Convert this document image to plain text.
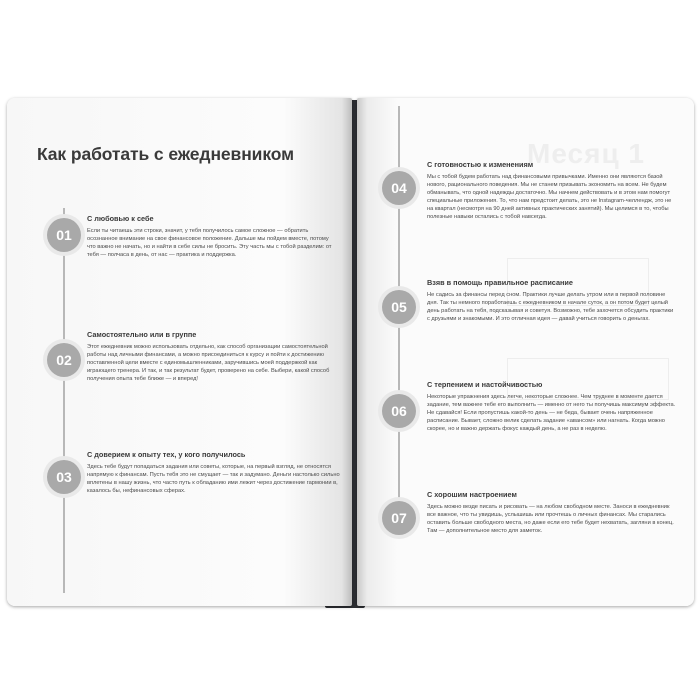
Как работать с ежедневником
01
С любовью к себе

Если ты читаешь эти строки, значит, у тебя получилось самое сложное — обратить осознанное внимание на свое финансовое положение. Дальше мы пойдем вместе, потому что важно не начать, но и найти в себе силы не бросить. Эту часть мы с тобой разделим: от тебя — полчаса в день, от нас — практика и поддержка.

02
Самостоятельно или в группе

Этот ежедневник можно использовать отдельно, как способ организации самостоятельной работы над личными финансами, а можно присоединиться к курсу и пойти к достижению поставленной цели вместе с единомышленниками, заручившись моей поддержкой как играющего тренера. И так, и так результат будет, проверено на себе. Выбери, какой способ получения опыта тебе ближе — и вперед!

03
С доверием к опыту тех, у кого получилось

Здесь тебе будут попадаться задания или советы, которые, на первый взгляд, не относятся напрямую к финансам. Пусть тебя это не смущает — так и задумано. Деньги настолько сильно вплетены в нашу жизнь, что часто путь к обладанию ими лежит через достижение гармонии в, казалось бы, нефинансовых сферах.

Месяц 1
04
С готовностью к изменениям

Мы с тобой будем работать над финансовыми привычками. Именно они являются базой нового, рационального поведения. Мы не станем призывать экономить на всем. Не будем обманывать, что одной надежды достаточно. Мы начнем действовать и в этом нам помогут специальные приложения. То, что нам предстоит делать, это не Instagram-челлендж, это не на квартал (несмотря на 90 дней активных практических занятий). Мы целимся в то, чтобы полезные навыки остались с тобой навсегда.

05
Взяв в помощь правильное расписание

Не садись за финансы перед сном. Практики лучше делать утром или в первой половине дня. Так ты немного поработаешь с ежедневником в начале суток, а он потом будет целый день работать на тебя, подсказывая и советуя. Возможно, тебе захочется обсудить практики с друзьями и знакомыми. И это отличная идея — давай учиться говорить о деньгах.

06
С терпением и настойчивостью

Некоторые упражнения здесь легче, некоторые сложнее. Чем труднее в моменте дается задание, тем важнее тебе его выполнить — именно от него ты получишь максимум эффекта. Не сдавайся! Если пропустишь какой-то день — не беда, бывает очень напряженное расписание. Бывает, сложно велик сделать задание «авансом» или нагнать. Когда можно скорее, но и важно держать фокус каждый день, а не раз в неделю.

07
С хорошим настроением

Здесь можно везде писать и рисовать — на любом свободном месте. Заноси в ежедневник все важное, что ты увидишь, услышишь или прочтешь о личных финансах. Мы старались оставить больше свободного места, но даже если его тебе будет нехватать, загляни в конец. Там — дополнительное место для заметок.
